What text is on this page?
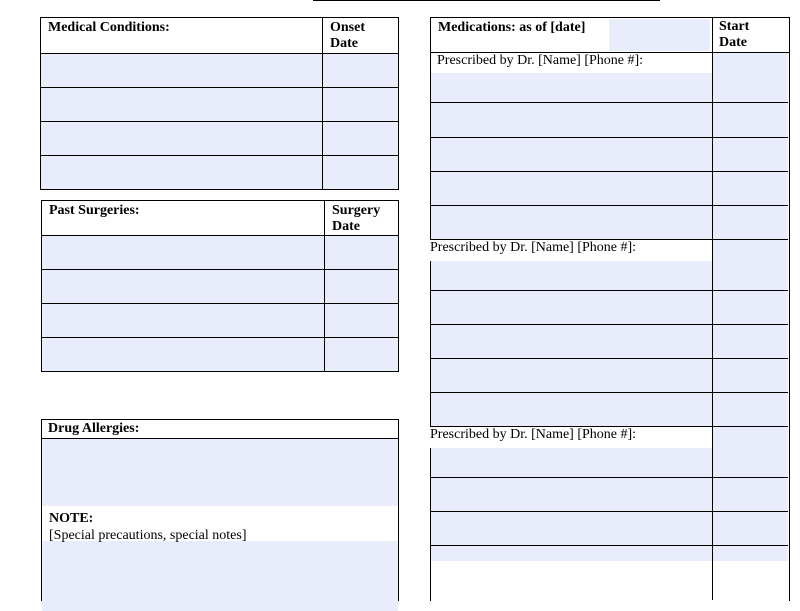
Medical Conditions:	Onset Date

Past Surgeries:	Surgery Date

Drug Allergies:
NOTE:
[Special precautions, special notes]
Medications: as of [date]	Start Date
Prescribed by Dr. [Name] [Phone #]:
Prescribed by Dr. [Name] [Phone #]:
Prescribed by Dr. [Name] [Phone #]:
